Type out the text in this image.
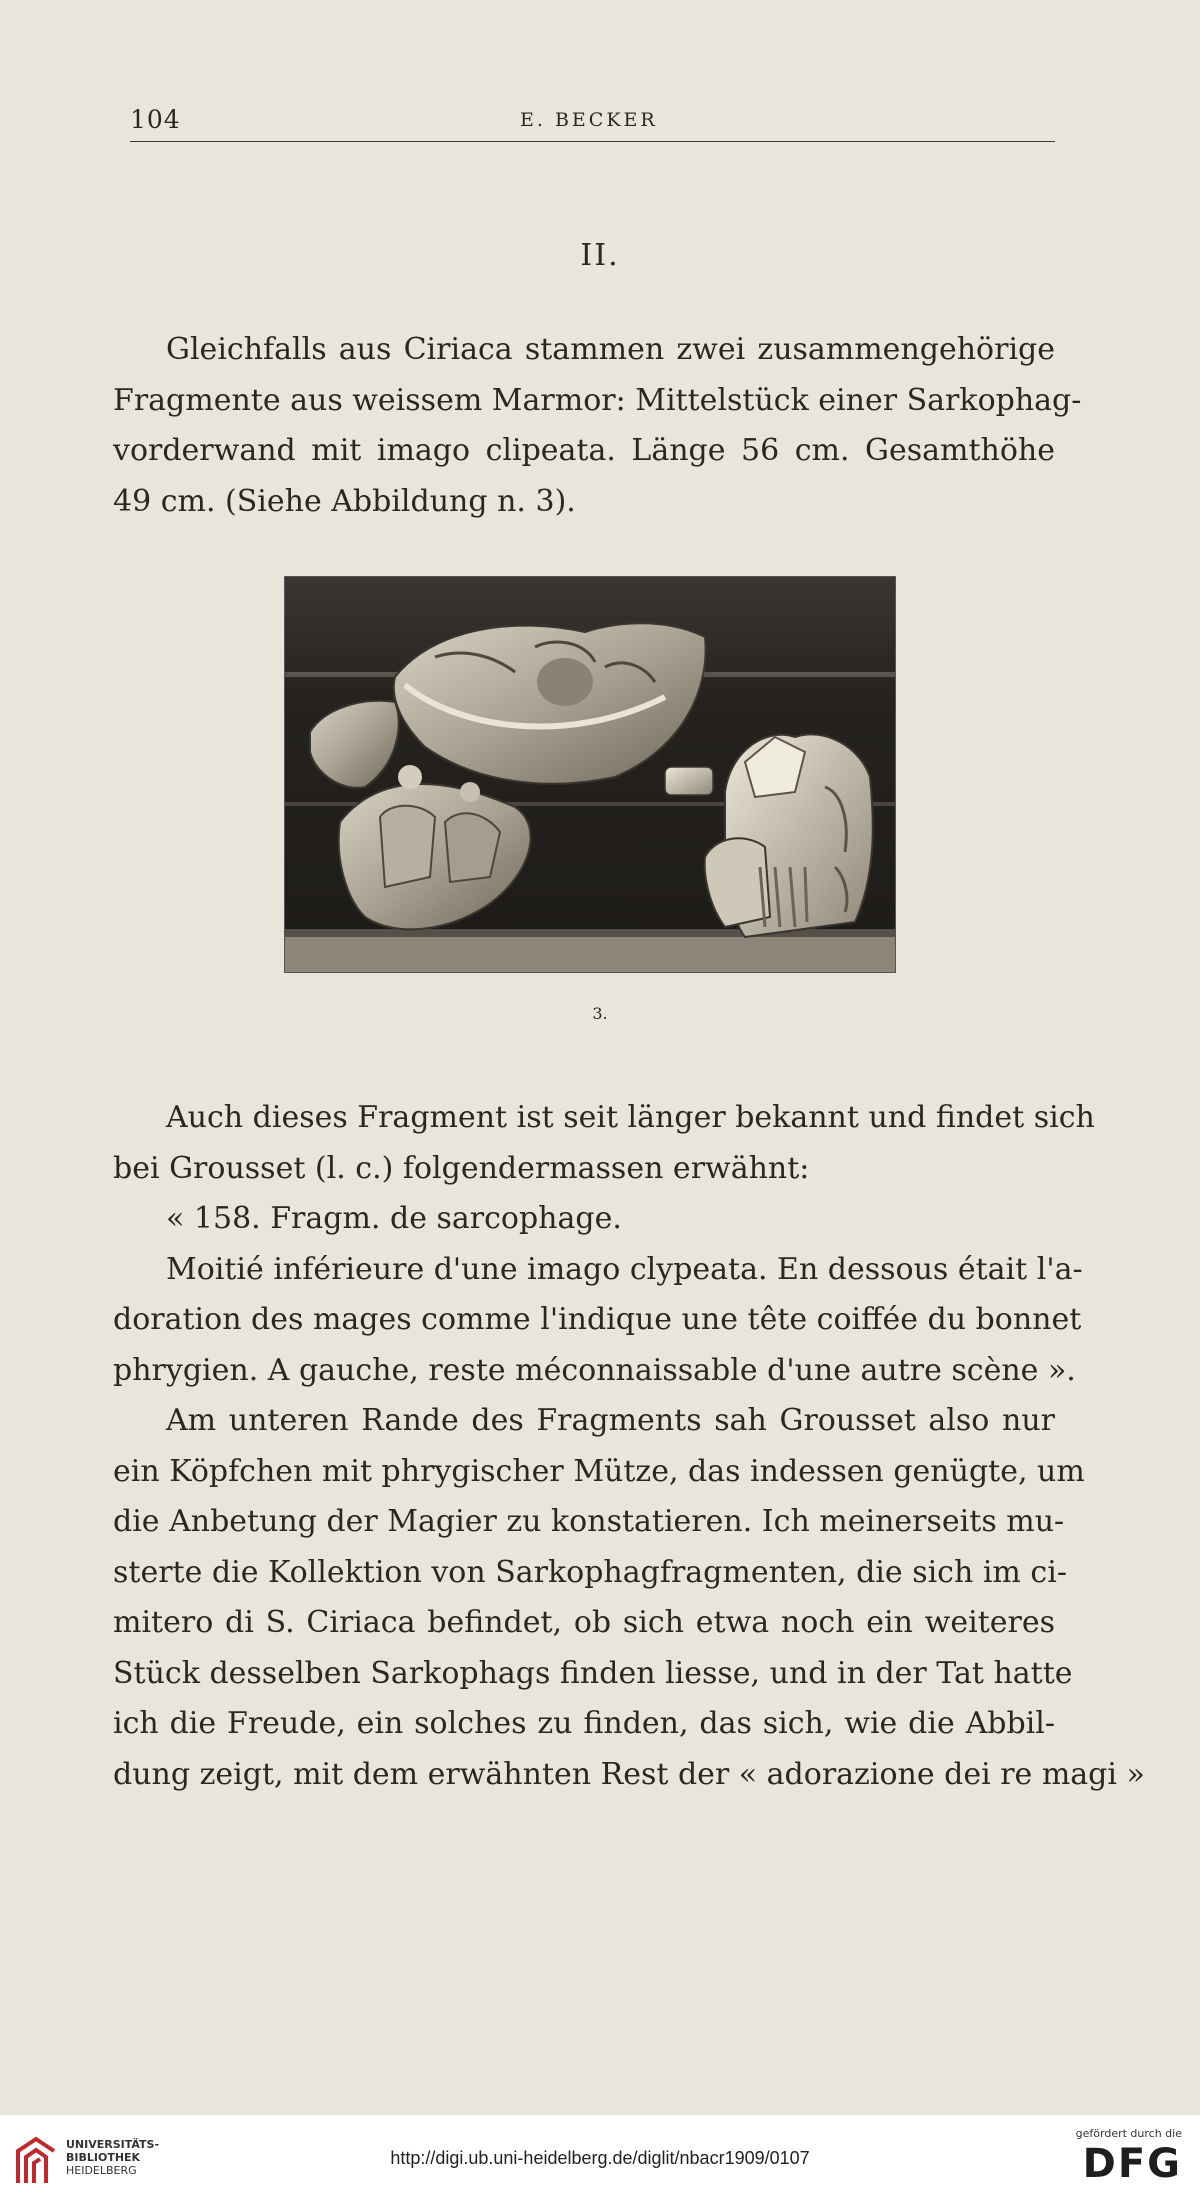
104	E. BECKER
II.

Gleichfalls aus Ciriaca stammen zwei zusammengehörige
Fragmente aus weissem Marmor: Mittelstück einer Sarkophag-
vorderwand mit imago clipeata. Länge 56 cm. Gesamthöhe
49 cm. (Siehe Abbildung n. 3).

3.

Auch dieses Fragment ist seit länger bekannt und findet sich
bei Grousset (l. c.) folgendermassen erwähnt:
« 158. Fragm. de sarcophage.
Moitié inférieure d'une imago clypeata. En dessous était l'a-
doration des mages comme l'indique une tête coiffée du bonnet
phrygien. A gauche, reste méconnaissable d'une autre scène ».
Am unteren Rande des Fragments sah Grousset also nur
ein Köpfchen mit phrygischer Mütze, das indessen genügte, um
die Anbetung der Magier zu konstatieren. Ich meinerseits mu-
sterte die Kollektion von Sarkophagfragmenten, die sich im ci-
mitero di S. Ciriaca befindet, ob sich etwa noch ein weiteres
Stück desselben Sarkophags finden liesse, und in der Tat hatte
ich die Freude, ein solches zu finden, das sich, wie die Abbil-
dung zeigt, mit dem erwähnten Rest der « adorazione dei re magi »

UNIVERSITÄTS-
BIBLIOTHEK
HEIDELBERG
gefördert durch die
DFG
http://digi.ub.uni-heidelberg.de/diglit/nbacr1909/0107
